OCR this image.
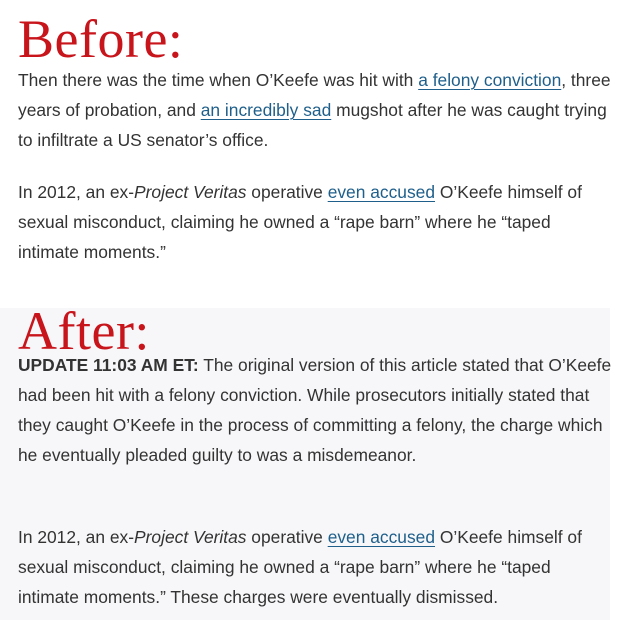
Before:

Then there was the time when O’Keefe was hit with a felony conviction, three years of probation, and an incredibly sad mugshot after he was caught trying to infiltrate a US senator’s office.

In 2012, an ex-Project Veritas operative even accused O’Keefe himself of sexual misconduct, claiming he owned a “rape barn” where he “taped intimate moments.”

After:

UPDATE 11:03 AM ET: The original version of this article stated that O’Keefe had been hit with a felony conviction. While prosecutors initially stated that they caught O’Keefe in the process of committing a felony, the charge which he eventually pleaded guilty to was a misdemeanor.

In 2012, an ex-Project Veritas operative even accused O’Keefe himself of sexual misconduct, claiming he owned a “rape barn” where he “taped intimate moments.” These charges were eventually dismissed.
